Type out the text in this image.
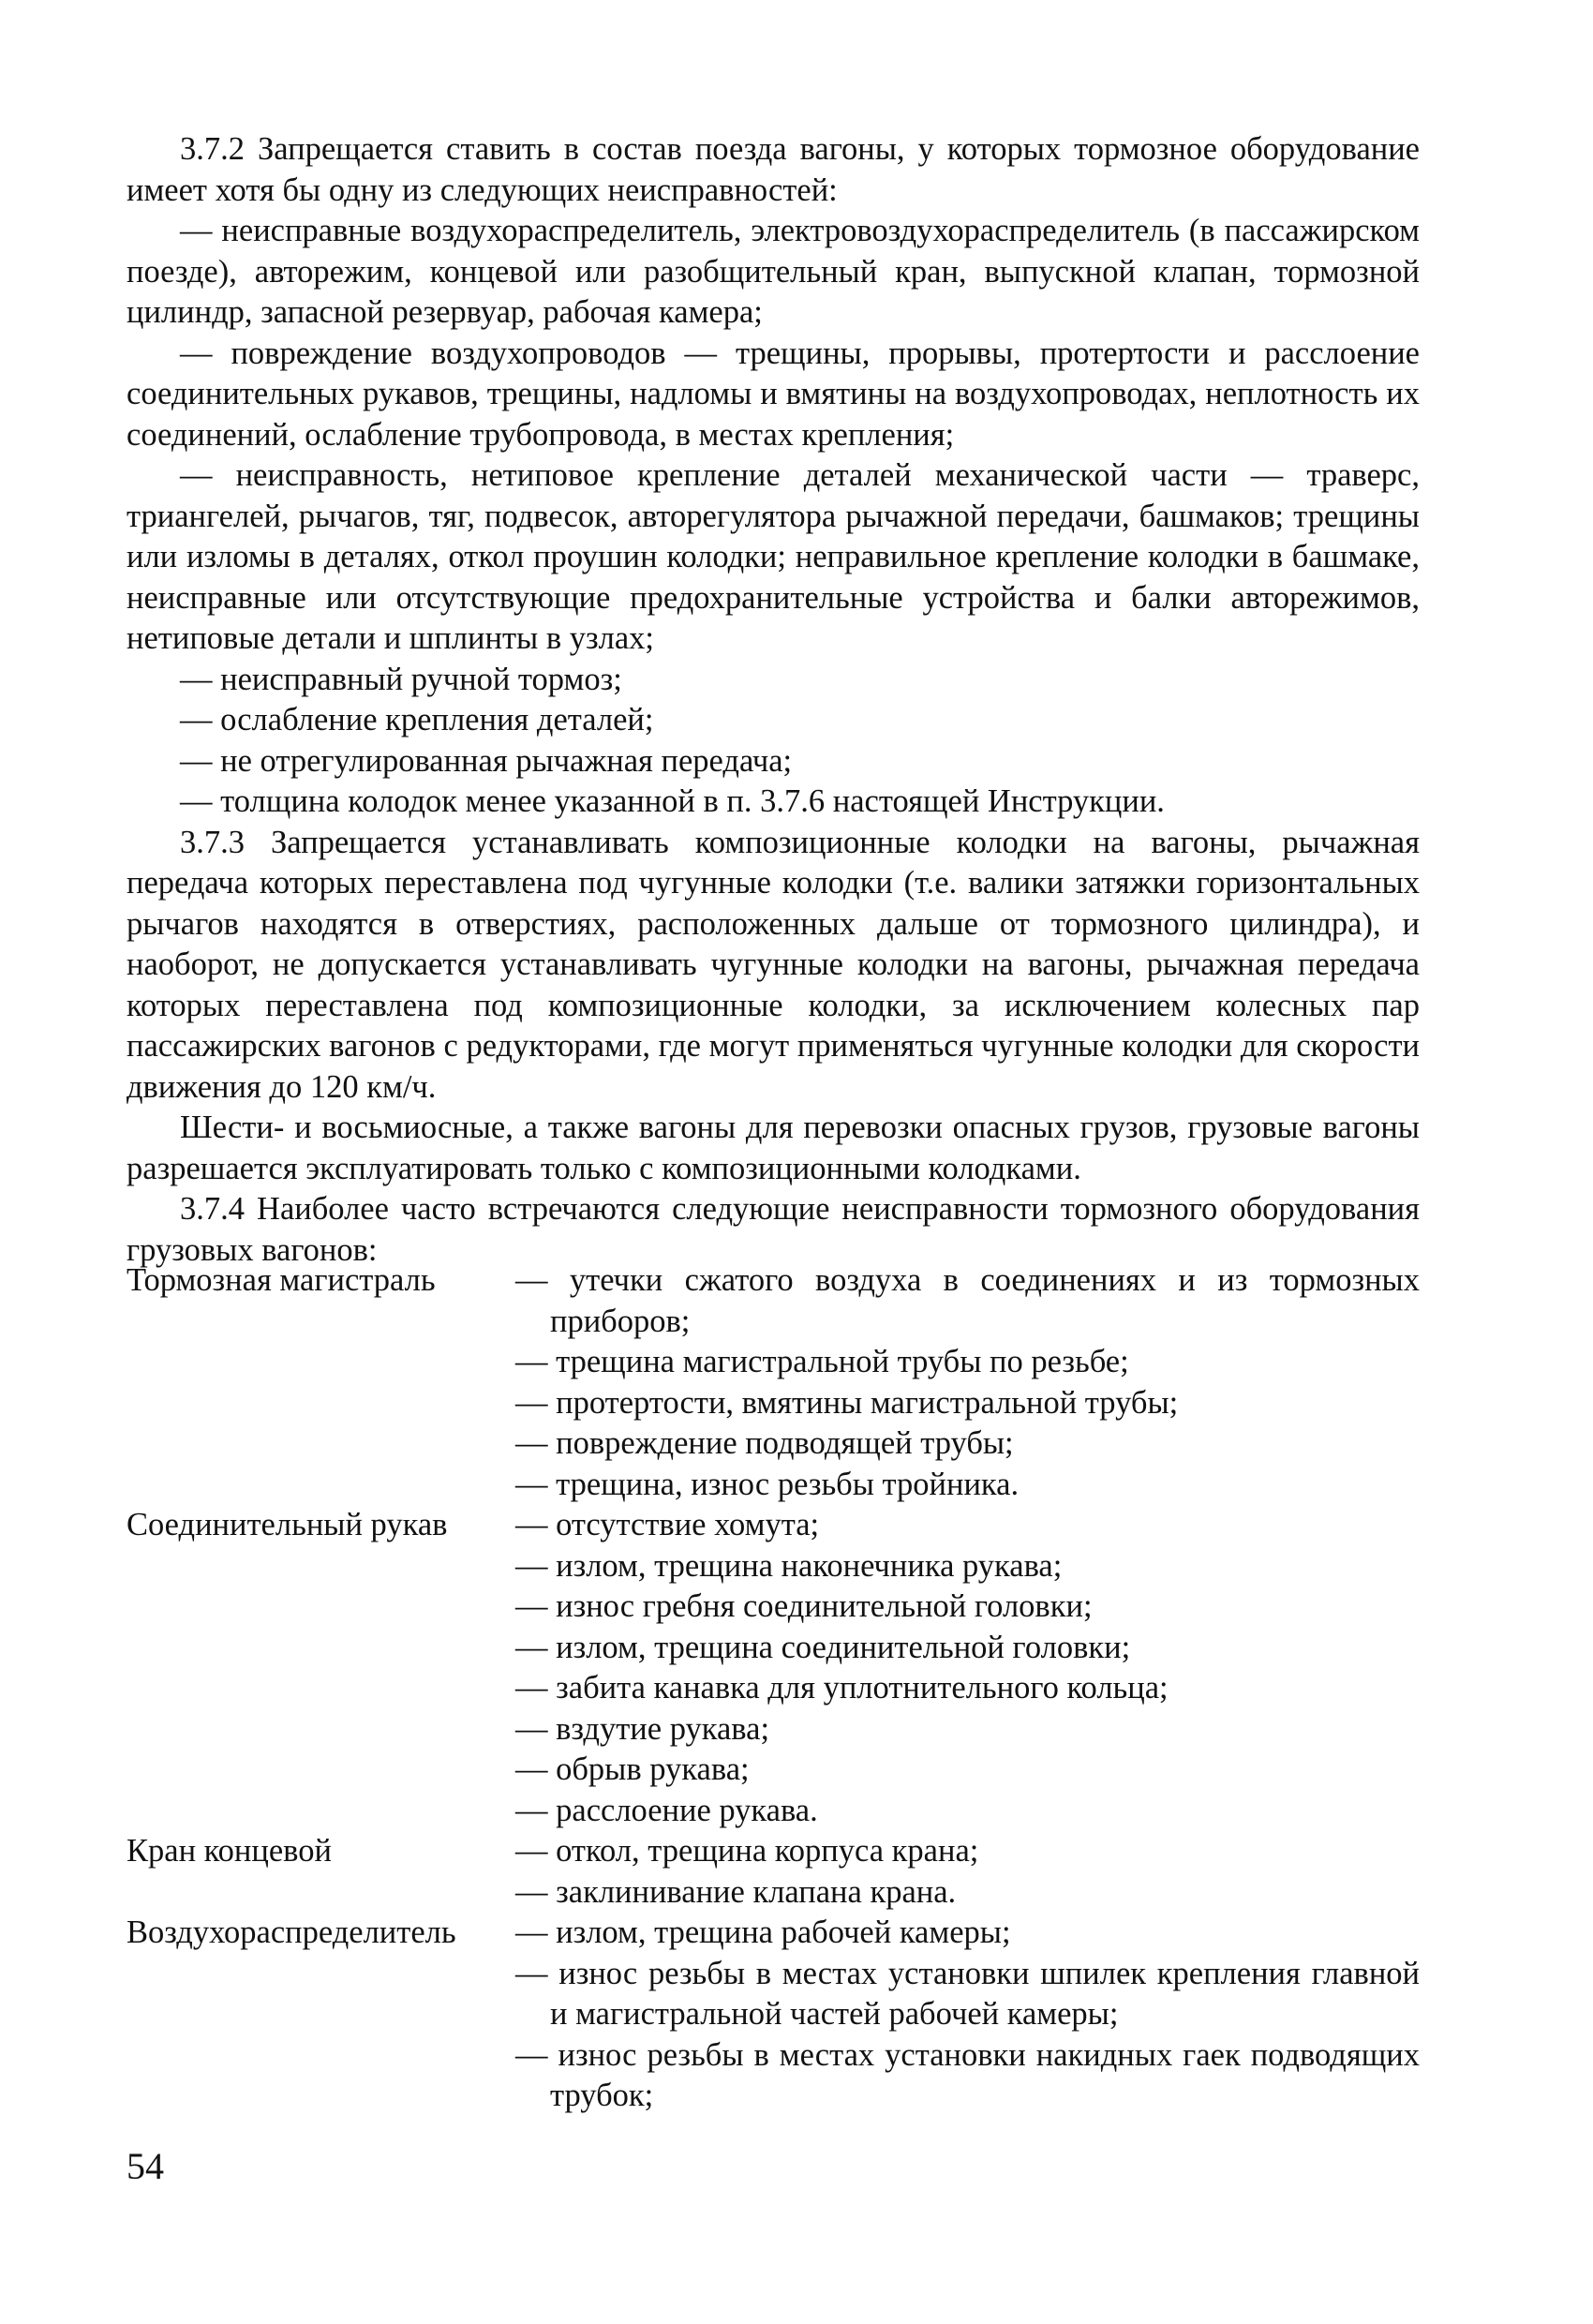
3.7.2 Запрещается ставить в состав поезда вагоны, у которых тормозное оборудование имеет хотя бы одну из следующих неисправностей:

— неисправные воздухораспределитель, электровоздухораспределитель (в пассажирском поезде), авторежим, концевой или разобщительный кран, выпускной клапан, тормозной цилиндр, запасной резервуар, рабочая камера;

— повреждение воздухопроводов — трещины, прорывы, протертости и расслоение соединительных рукавов, трещины, надломы и вмятины на воздухопроводах, неплотность их соединений, ослабление трубопровода, в местах крепления;

— неисправность, нетиповое крепление деталей механической части — траверс, триангелей, рычагов, тяг, подвесок, авторегулятора рычажной передачи, башмаков; трещины или изломы в деталях, откол проушин колодки; неправильное крепление колодки в башмаке, неисправные или отсутствующие предохранительные устройства и балки авторежимов, нетиповые детали и шплинты в узлах;

— неисправный ручной тормоз;

— ослабление крепления деталей;

— не отрегулированная рычажная передача;

— толщина колодок менее указанной в п. 3.7.6 настоящей Инструкции.

3.7.3 Запрещается устанавливать композиционные колодки на вагоны, рычажная передача которых переставлена под чугунные колодки (т.е. валики затяжки горизонтальных рычагов находятся в отверстиях, расположенных дальше от тормозного цилиндра), и наоборот, не допускается устанавливать чугунные колодки на вагоны, рычажная передача которых переставлена под композиционные колодки, за исключением колесных пар пассажирских вагонов с редукторами, где могут применяться чугунные колодки для скорости движения до 120 км/ч.

Шести- и восьмиосные, а также вагоны для перевозки опасных грузов, грузовые вагоны разрешается эксплуатировать только с композиционными колодками.

3.7.4 Наиболее часто встречаются следующие неисправности тормозного оборудования грузовых вагонов:

Тормозная магистраль	— утечки сжатого воздуха в соединениях и из тормозных приборов;
— трещина магистральной трубы по резьбе;
— протертости, вмятины магистральной трубы;
— повреждение подводящей трубы;
— трещина, износ резьбы тройника.
Соединительный рукав	— отсутствие хомута;
— излом, трещина наконечника рукава;
— износ гребня соединительной головки;
— излом, трещина соединительной головки;
— забита канавка для уплотнительного кольца;
— вздутие рукава;
— обрыв рукава;
— расслоение рукава.
Кран концевой	— откол, трещина корпуса крана;
— заклинивание клапана крана.
Воздухораспределитель	— излом, трещина рабочей камеры;
— износ резьбы в местах установки шпилек крепления главной и магистральной частей рабочей камеры;
— износ резьбы в местах установки накидных гаек подводящих трубок;
54
